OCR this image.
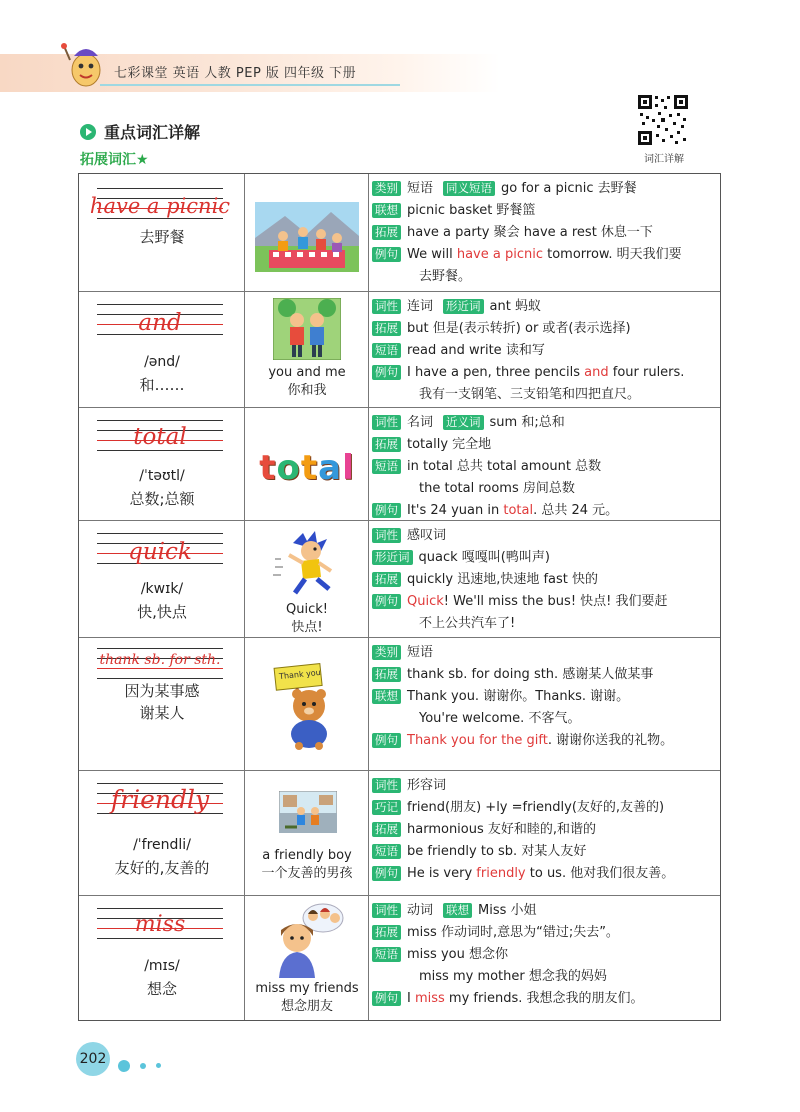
七彩课堂 英语 人教 PEP 版 四年级 下册
词汇详解
重点词汇详解
拓展词汇★
have a picnic
去野餐
类别 短语 同义短语 go for a picnic 去野餐
联想 picnic basket 野餐篮
拓展 have a party 聚会 have a rest 休息一下
例句 We will have a picnic tomorrow. 明天我们要
去野餐。
and
/ənd/
和……
you and me
你和我
词性 连词 形近词 ant 蚂蚁
拓展 but 但是(表示转折) or 或者(表示选择)
短语 read and write 读和写
例句 I have a pen, three pencils and four rulers.
我有一支钢笔、三支铅笔和四把直尺。
total
/ˈtəʊtl/
总数;总额
total
词性 名词 近义词 sum 和;总和
拓展 totally 完全地
短语 in total 总共 total amount 总数
the total rooms 房间总数
例句 It's 24 yuan in total. 总共 24 元。
quick
/kwɪk/
快,快点	Quick!
快点!
词性 感叹词
形近词 quack 嘎嘎叫(鸭叫声)
拓展 quickly 迅速地,快速地 fast 快的
例句 Quick! We'll miss the bus! 快点! 我们要赶
不上公共汽车了!
thank sb. for sth.
因为某事感
谢某人
Thank you
类别 短语
拓展 thank sb. for doing sth. 感谢某人做某事
联想 Thank you. 谢谢你。Thanks. 谢谢。
You're welcome. 不客气。
例句 Thank you for the gift. 谢谢你送我的礼物。
friendly
/ˈfrendli/
友好的,友善的
a friendly boy
一个友善的男孩
词性 形容词
巧记 friend(朋友) +ly =friendly(友好的,友善的)
拓展 harmonious 友好和睦的,和谐的
短语 be friendly to sb. 对某人友好
例句 He is very friendly to us. 他对我们很友善。
miss
/mɪs/
想念	miss my friends
想念朋友
词性 动词 联想 Miss 小姐
拓展 miss 作动词时,意思为“错过;失去”。
短语 miss you 想念你
miss my mother 想念我的妈妈
例句 I miss my friends. 我想念我的朋友们。
202
